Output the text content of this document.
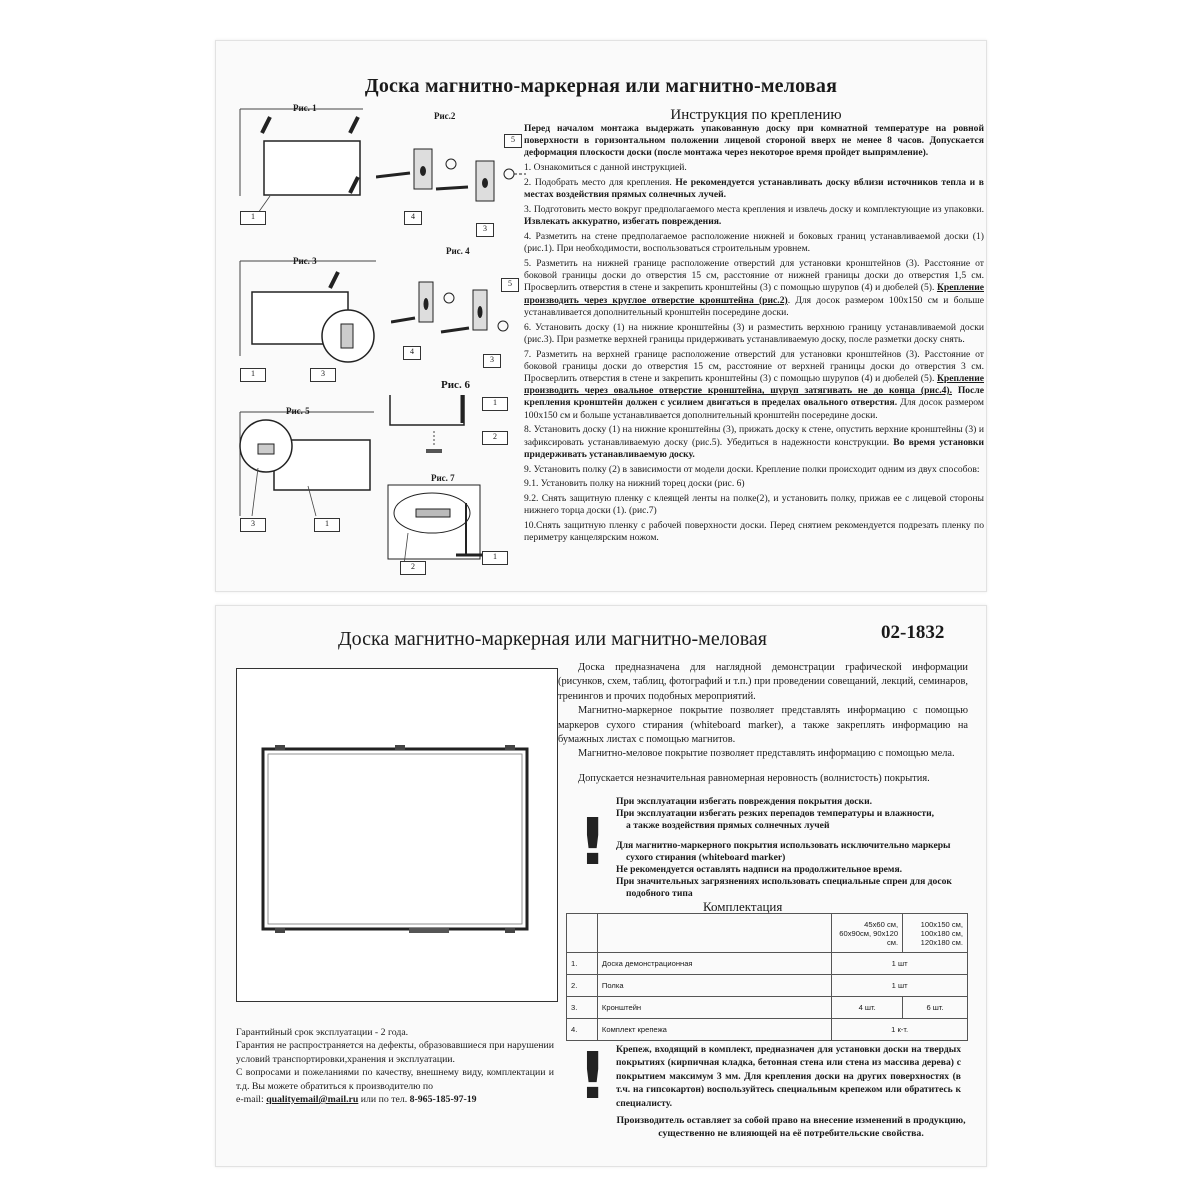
Доска магнитно-маркерная или магнитно-меловая
Инструкция по креплению
Рис. 1
1
Рис.2
5
4
3
Рис. 3
1	3
Рис. 4
5
4
3
Рис. 5
3	1
Рис. 6
1
2
Рис. 7
2
1

Перед началом монтажа выдержать упакованную доску при комнатной температуре на ровной поверхности в горизонтальном положении лицевой стороной вверх не менее 8 часов. Допускается деформация плоскости доски (после монтажа через некоторое время пройдет выпрямление).

1. Ознакомиться с данной инструкцией.

2. Подобрать место для крепления. Не рекомендуется устанавливать доску вблизи источников тепла и в местах воздействия прямых солнечных лучей.

3. Подготовить место вокруг предполагаемого места крепления и извлечь доску и комплектующие из упаковки. Извлекать аккуратно, избегать повреждения.

4. Разметить на стене предполагаемое расположение нижней и боковых границ устанавливаемой доски (1) (рис.1). При необходимости, воспользоваться строительным уровнем.

5. Разметить на нижней границе расположение отверстий для установки кронштейнов (3). Расстояние от боковой границы доски до отверстия 15 см, расстояние от нижней границы доски до отверстия 1,5 см. Просверлить отверстия в стене и закрепить кронштейны (3) с помощью шурупов (4) и дюбелей (5). Крепление производить через круглое отверстие кронштейна (рис.2). Для досок размером 100х150 см и больше устанавливается дополнительный кронштейн посередине доски.

6. Установить доску (1) на нижние кронштейны (3) и разместить верхнюю границу устанавливаемой доски (рис.3). При разметке верхней границы придерживать устанавливаемую доску, после разметки доску снять.

7. Разметить на верхней границе расположение отверстий для установки кронштейнов (3). Расстояние от боковой границы доски до отверстия 15 см, расстояние от верхней границы доски до отверстия 3 см. Просверлить отверстия в стене и закрепить кронштейны (3) с помощью шурупов (4) и дюбелей (5). Крепление производить через овальное отверстие кронштейна, шуруп затягивать не до конца (рис.4). После крепления кронштейн должен с усилием двигаться в пределах овального отверстия. Для досок размером 100х150 см и больше устанавливается дополнительный кронштейн посередине доски.

8. Установить доску (1) на нижние кронштейны (3), прижать доску к стене, опустить верхние кронштейны (3) и зафиксировать устанавливаемую доску (рис.5). Убедиться в надежности конструкции. Во время установки придерживать устанавливаемую доску.

9. Установить полку (2) в зависимости от модели доски. Крепление полки происходит одним из двух способов:

9.1. Установить полку на нижний торец доски (рис. 6)

9.2. Снять защитную пленку с клеящей ленты на полке(2), и установить полку, прижав ее с лицевой стороны нижнего торца доски (1). (рис.7)

10.Снять защитную пленку с рабочей поверхности доски. Перед снятием рекомендуется подрезать пленку по периметру канцелярским ножом.

Доска магнитно-маркерная или магнитно-меловая	02-1832

Доска предназначена для наглядной демонстрации графической информации (рисунков, схем, таблиц, фотографий и т.п.) при проведении совещаний, лекций, семинаров, тренингов и прочих подобных мероприятий.

Магнитно-маркерное покрытие позволяет представлять информацию с помощью маркеров сухого стирания (whiteboard marker), а также закреплять информацию на бумажных листах с помощью магнитов.

Магнитно-меловое покрытие позволяет представлять информацию с помощью мела.

Допускается незначительная равномерная неровность (волнистость) покрытия.

!

При эксплуатации избегать повреждения покрытия доски.

При эксплуатации избегать резких перепадов температуры и влажности,

а также воздействия прямых солнечных лучей

Для магнитно-маркерного покрытия использовать исключительно маркеры

сухого стирания (whiteboard marker)

Не рекомендуется оставлять надписи на продолжительное время.

При значительных загрязнениях использовать специальные спреи для досок

подобного типа

Комплектация
		45х60 см, 60х90см, 90х120 см.	100х150 см, 100х180 см, 120х180 см.
1.	Доска демонстрационная	1 шт	
2.	Полка	1 шт	
3.	Кронштейн	4 шт.	6 шт.
4.	Комплект крепежа	1 к-т.	

Гарантийный срок эксплуатации - 2 года.

Гарантия не распространяется на дефекты, образовавшиеся при нарушении условий транспортировки,хранения и эксплуатации.

С вопросами и пожеланиями по качеству, внешнему виду, комплектации и т.д. Вы можете обратиться к производителю по

e-mail: qualityemail@mail.ru или по тел. 8-965-185-97-19	! Крепеж, входящий в комплект, предназначен для установки доски на твердых покрытиях (кирпичная кладка, бетонная стена или стена из массива дерева) с покрытием максимум 3 мм. Для крепления доски на других поверхностях (в т.ч. на гипсокартон) воспользуйтесь специальным крепежом или обратитесь к специалисту.
Производитель оставляет за собой право на внесение изменений в продукцию, существенно не влияющей на её потребительские свойства.
